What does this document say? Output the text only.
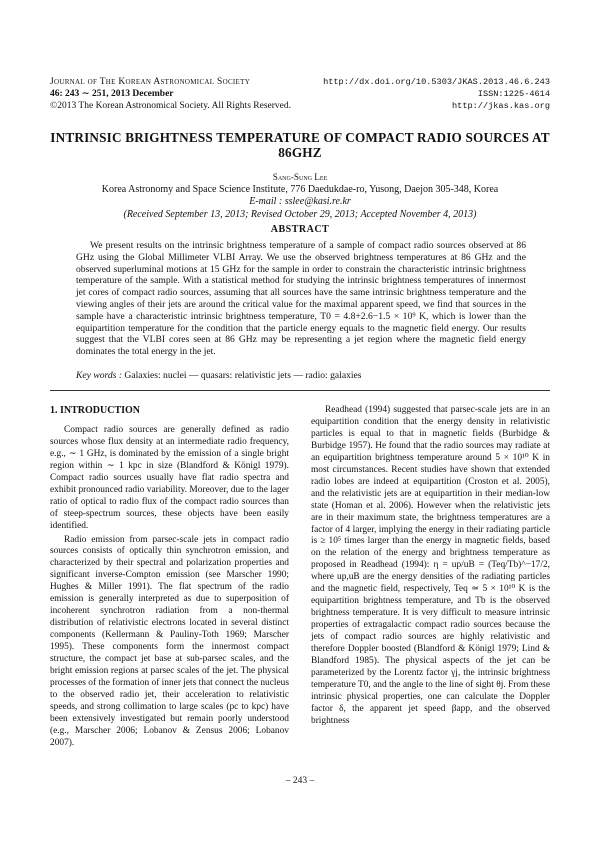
Journal of The Korean Astronomical Society
46: 243 ∼ 251, 2013 December
©2013 The Korean Astronomical Society. All Rights Reserved.
http://dx.doi.org/10.5303/JKAS.2013.46.6.243
ISSN:1225-4614
http://jkas.kas.org
INTRINSIC BRIGHTNESS TEMPERATURE OF COMPACT RADIO SOURCES AT 86GHZ
Sang-Sung Lee
Korea Astronomy and Space Science Institute, 776 Daedukdae-ro, Yusong, Daejon 305-348, Korea
E-mail : sslee@kasi.re.kr
(Received September 13, 2013; Revised October 29, 2013; Accepted November 4, 2013)
ABSTRACT
We present results on the intrinsic brightness temperature of a sample of compact radio sources observed at 86 GHz using the Global Millimeter VLBI Array. We use the observed brightness temperatures at 86 GHz and the observed superluminal motions at 15 GHz for the sample in order to constrain the characteristic intrinsic brightness temperature of the sample. With a statistical method for studying the intrinsic brightness temperatures of innermost jet cores of compact radio sources, assuming that all sources have the same intrinsic brightness temperature and the viewing angles of their jets are around the critical value for the maximal apparent speed, we find that sources in the sample have a characteristic intrinsic brightness temperature, T0 = 4.8+2.6−1.5 × 10⁹ K, which is lower than the equipartition temperature for the condition that the particle energy equals to the magnetic field energy. Our results suggest that the VLBI cores seen at 86 GHz may be representing a jet region where the magnetic field energy dominates the total energy in the jet.
Key words : Galaxies: nuclei — quasars: relativistic jets — radio: galaxies
1. INTRODUCTION

Compact radio sources are generally defined as radio sources whose flux density at an intermediate radio frequency, e.g., ∼ 1 GHz, is dominated by the emission of a single bright region within ∼ 1 kpc in size (Blandford & Königl 1979). Compact radio sources usually have flat radio spectra and exhibit pronounced radio variability. Moreover, due to the lager ratio of optical to radio flux of the compact radio sources than of steep-spectrum sources, these objects have been easily identified.

Radio emission from parsec-scale jets in compact radio sources consists of optically thin synchrotron emission, and characterized by their spectral and polarization properties and significant inverse-Compton emission (see Marscher 1990; Hughes & Miller 1991). The flat spectrum of the radio emission is generally interpreted as due to superposition of incoherent synchrotron radiation from a non-thermal distribution of relativistic electrons located in several distinct components (Kellermann & Pauliny-Toth 1969; Marscher 1995). These components form the innermost compact structure, the compact jet base at sub-parsec scales, and the bright emission regions at parsec scales of the jet. The physical processes of the formation of inner jets that connect the nucleus to the observed radio jet, their acceleration to relativistic speeds, and strong collimation to large scales (pc to kpc) have been extensively investigated but remain poorly understood (e.g., Marscher 2006; Lobanov & Zensus 2006; Lobanov 2007).

Readhead (1994) suggested that parsec-scale jets are in an equipartition condition that the energy density in relativistic particles is equal to that in magnetic fields (Burbidge & Burbidge 1957). He found that the radio sources may radiate at an equipartition brightness temperature around 5 × 10¹⁰ K in most circumstances. Recent studies have shown that extended radio lobes are indeed at equipartition (Croston et al. 2005), and the relativistic jets are at equipartition in their median-low state (Homan et al. 2006). However when the relativistic jets are in their maximum state, the brightness temperatures are a factor of 4 larger, implying the energy in their radiating particle is ≥ 10⁵ times larger than the energy in magnetic fields, based on the relation of the energy and brightness temperature as proposed in Readhead (1994): η = up/uB = (Teq/Tb)^−17/2, where up,uB are the energy densities of the radiating particles and the magnetic field, respectively, Teq ≃ 5 × 10¹⁰ K is the equipartition brightness temperature, and Tb is the observed brightness temperature. It is very difficult to measure intrinsic properties of extragalactic compact radio sources because the jets of compact radio sources are highly relativistic and therefore Doppler boosted (Blandford & Königl 1979; Lind & Blandford 1985). The physical aspects of the jet can be parameterized by the Lorentz factor γj, the intrinsic brightness temperature T0, and the angle to the line of sight θj. From these intrinsic physical properties, one can calculate the Doppler factor δ, the apparent jet speed βapp, and the observed brightness

– 243 –
